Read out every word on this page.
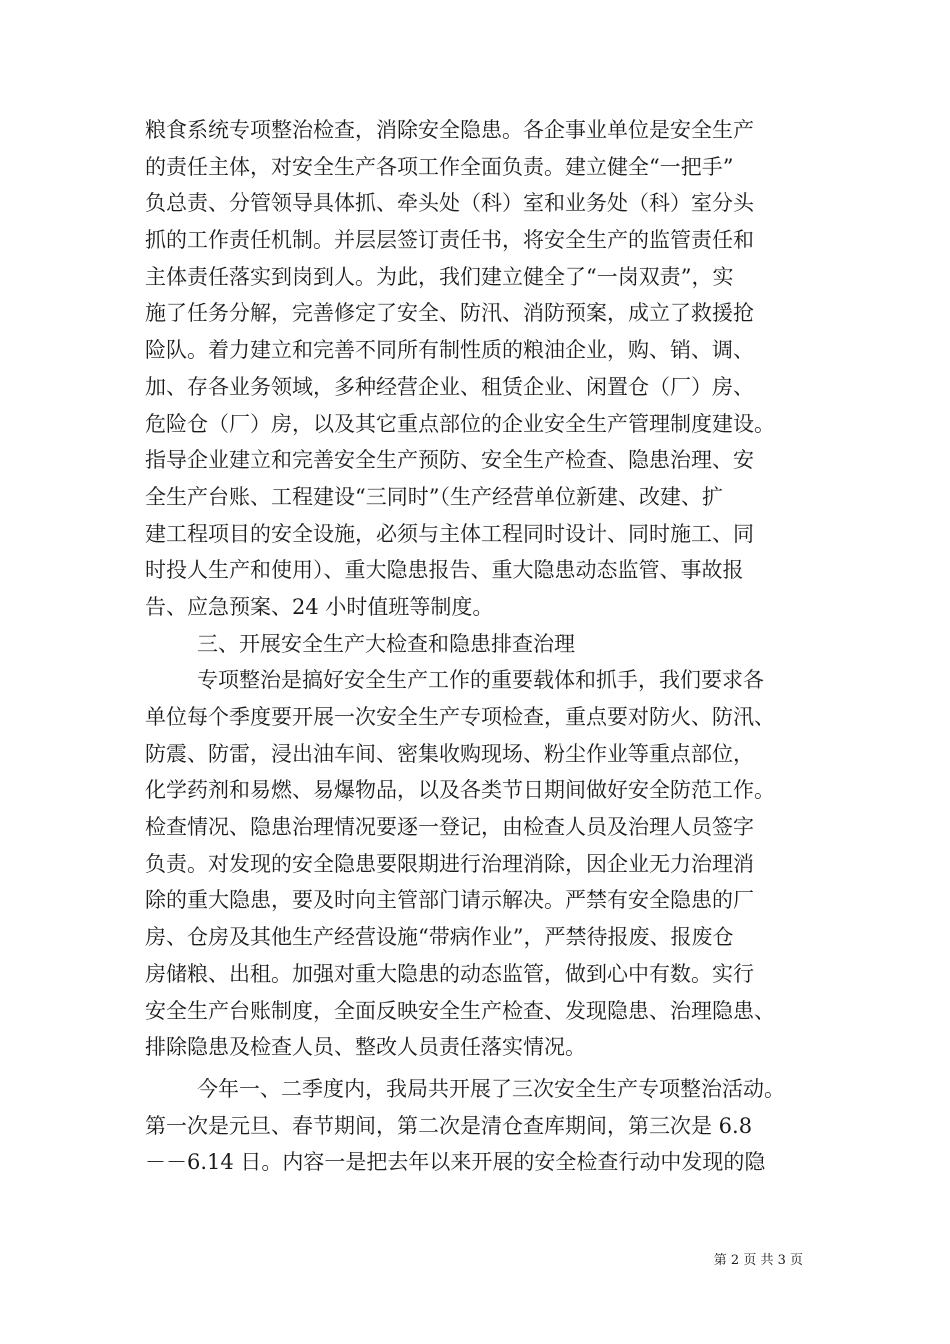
粮食系统专项整治检查，消除安全隐患。各企事业单位是安全生产
的责任主体，对安全生产各项工作全面负责。建立健全“一把手”
负总责、分管领导具体抓、牵头处（科）室和业务处（科）室分头
抓的工作责任机制。并层层签订责任书，将安全生产的监管责任和
主体责任落实到岗到人。为此，我们建立健全了“一岗双责”，实
施了任务分解，完善修定了安全、防汛、消防预案，成立了救援抢
险队。着力建立和完善不同所有制性质的粮油企业，购、销、调、
加、存各业务领域，多种经营企业、租赁企业、闲置仓（厂）房、
危险仓（厂）房，以及其它重点部位的企业安全生产管理制度建设。
指导企业建立和完善安全生产预防、安全生产检查、隐患治理、安
全生产台账、工程建设“三同时”（生产经营单位新建、改建、扩
建工程项目的安全设施，必须与主体工程同时设计、同时施工、同
时投人生产和使用）、重大隐患报告、重大隐患动态监管、事故报
告、应急预案、24 小时值班等制度。
三、开展安全生产大检查和隐患排查治理
专项整治是搞好安全生产工作的重要载体和抓手，我们要求各
单位每个季度要开展一次安全生产专项检查，重点要对防火、防汛、
防震、防雷，浸出油车间、密集收购现场、粉尘作业等重点部位，
化学药剂和易燃、易爆物品，以及各类节日期间做好安全防范工作。
检查情况、隐患治理情况要逐一登记，由检查人员及治理人员签字
负责。对发现的安全隐患要限期进行治理消除，因企业无力治理消
除的重大隐患，要及时向主管部门请示解决。严禁有安全隐患的厂
房、仓房及其他生产经营设施“带病作业”，严禁待报废、报废仓
房储粮、出租。加强对重大隐患的动态监管，做到心中有数。实行
安全生产台账制度，全面反映安全生产检查、发现隐患、治理隐患、
排除隐患及检查人员、整改人员责任落实情况。
今年一、二季度内，我局共开展了三次安全生产专项整治活动。
第一次是元旦、春节期间，第二次是清仓查库期间，第三次是 6.8
－－6.14 日。内容一是把去年以来开展的安全检查行动中发现的隐
第 2 页 共 3 页
